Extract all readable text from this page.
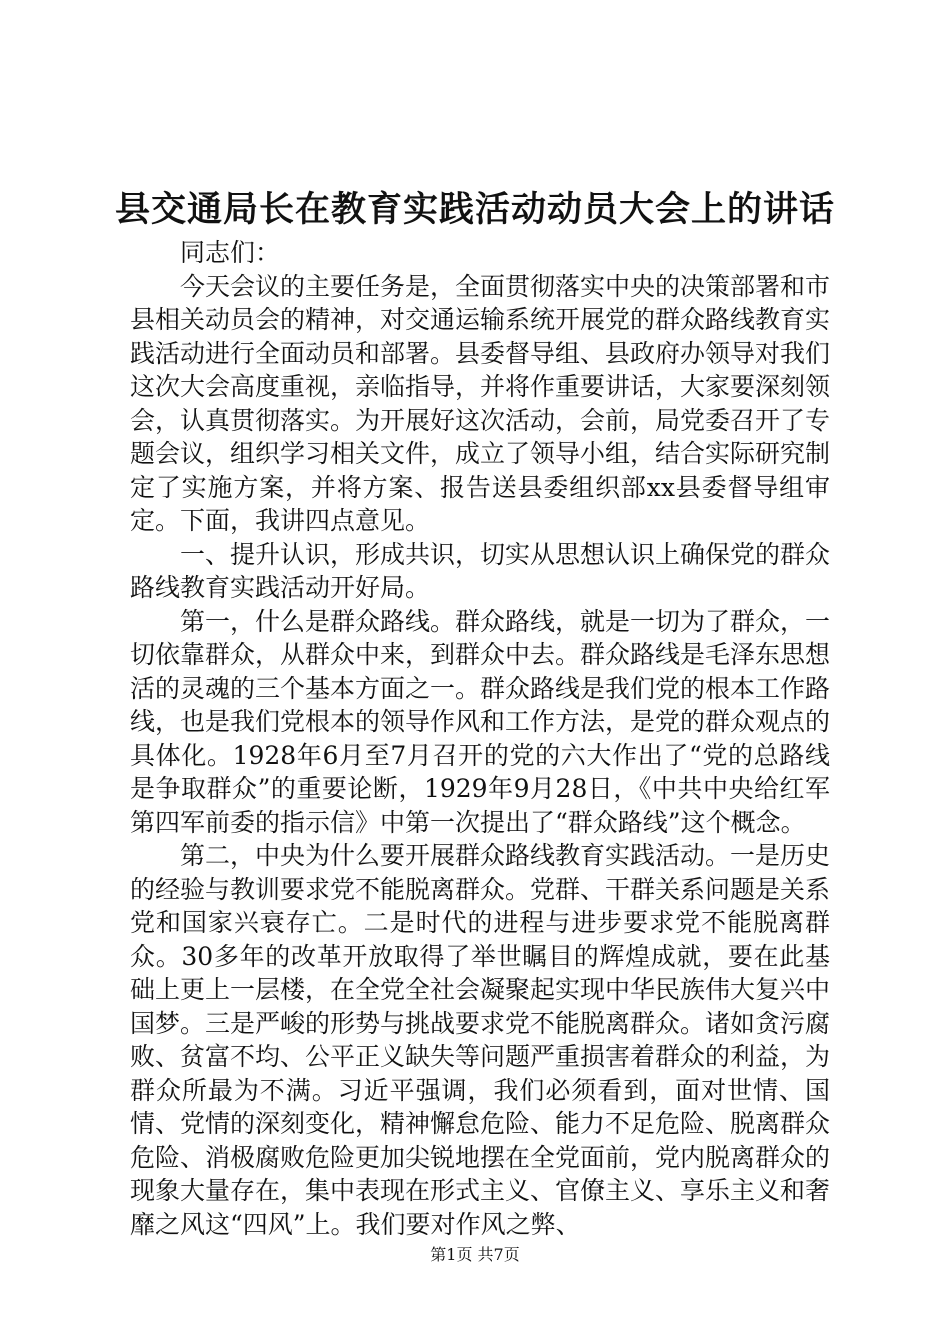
县交通局长在教育实践活动动员大会上的讲话

同志们：

今天会议的主要任务是，全面贯彻落实中央的决策部署和市县相关动员会的精神，对交通运输系统开展党的群众路线教育实践活动进行全面动员和部署。县委督导组、县政府办领导对我们这次大会高度重视，亲临指导，并将作重要讲话，大家要深刻领会，认真贯彻落实。为开展好这次活动，会前，局党委召开了专题会议，组织学习相关文件，成立了领导小组，结合实际研究制定了实施方案，并将方案、报告送县委组织部xx县委督导组审定。下面，我讲四点意见。

一、提升认识，形成共识，切实从思想认识上确保党的群众路线教育实践活动开好局。

第一，什么是群众路线。群众路线，就是一切为了群众，一切依靠群众，从群众中来，到群众中去。群众路线是毛泽东思想活的灵魂的三个基本方面之一。群众路线是我们党的根本工作路线，也是我们党根本的领导作风和工作方法，是党的群众观点的具体化。1928年6月至7月召开的党的六大作出了“党的总路线是争取群众”的重要论断，1929年9月28日，《中共中央给红军第四军前委的指示信》中第一次提出了“群众路线”这个概念。

第二，中央为什么要开展群众路线教育实践活动。一是历史的经验与教训要求党不能脱离群众。党群、干群关系问题是关系党和国家兴衰存亡。二是时代的进程与进步要求党不能脱离群众。30多年的改革开放取得了举世瞩目的辉煌成就，要在此基础上更上一层楼，在全党全社会凝聚起实现中华民族伟大复兴中国梦。三是严峻的形势与挑战要求党不能脱离群众。诸如贪污腐败、贫富不均、公平正义缺失等问题严重损害着群众的利益，为群众所最为不满。习近平强调，我们必须看到，面对世情、国情、党情的深刻变化，精神懈怠危险、能力不足危险、脱离群众危险、消极腐败危险更加尖锐地摆在全党面前，党内脱离群众的现象大量存在，集中表现在形式主义、官僚主义、享乐主义和奢靡之风这“四风”上。我们要对作风之弊、

第1页 共7页
